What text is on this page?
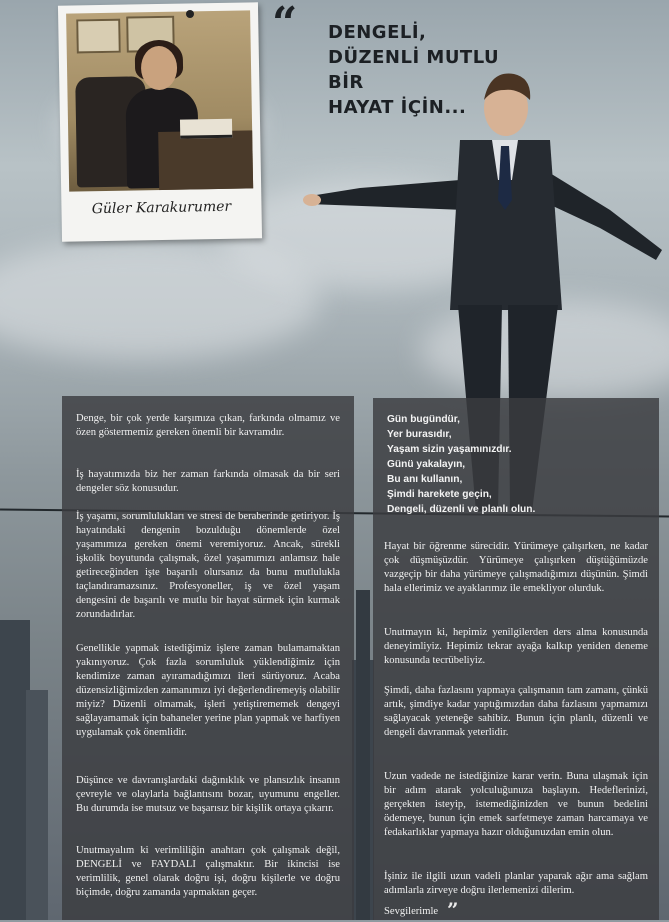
Güler Karakurumer
“ DENGELİ,
DÜZENLİ MUTLU BİR
HAYAT İÇİN...

Denge, bir çok yerde karşımıza çıkan, farkında olmamız ve özen göstermemiz gereken önemli bir kavramdır.

İş hayatımızda biz her zaman farkında olmasak da bir seri dengeler söz konusudur.

İş yaşamı, sorumlulukları ve stresi de beraberinde getiriyor. İş hayatındaki dengenin bozulduğu dönemlerde özel yaşamımıza gereken önemi veremiyoruz. Ancak, sürekli işkolik boyutunda çalışmak, özel yaşamımızı anlamsız hale getireceğinden işte başarılı olursanız da bunu mutlulukla taçlandıramazsınız. Profesyoneller, iş ve özel yaşam dengesini de başarılı ve mutlu bir hayat sürmek için kurmak zorundadırlar.

Genellikle yapmak istediğimiz işlere zaman bulamamaktan yakınıyoruz. Çok fazla sorumluluk yüklendiğimiz için kendimize zaman ayıramadığımızı ileri sürüyoruz. Acaba düzensizliğimizden zamanımızı iyi değerlendiremeyiş olabilir miyiz? Düzenli olmamak, işleri yetiştirememek dengeyi sağlayamamak için bahaneler yerine plan yapmak ve harfiyen uygulamak çok önemlidir.

Düşünce ve davranışlardaki dağınıklık ve plansızlık insanın çevreyle ve olaylarla bağlantısını bozar, uyumunu engeller. Bu durumda ise mutsuz ve başarısız bir kişilik ortaya çıkarır.

Unutmayalım ki verimliliğin anahtarı çok çalışmak değil, DENGELİ ve FAYDALI çalışmaktır. Bir ikincisi ise verimlilik, genel olarak doğru işi, doğru kişilerle ve doğru biçimde, doğru zamanda yapmaktan geçer.

Gün bugündür,
Yer burasıdır,
Yaşam sizin yaşamınızdır.
Günü yakalayın,
Bu anı kullanın,
Şimdi harekete geçin,
Dengeli, düzenli ve planlı olun.

Hayat bir öğrenme sürecidir. Yürümeye çalışırken, ne kadar çok düşmüşüzdür. Yürümeye çalışırken düştüğümüzde vazgeçip bir daha yürümeye çalışmadığımızı düşünün. Şimdi hala ellerimiz ve ayaklarımız ile emekliyor olurduk.

Unutmayın ki, hepimiz yenilgilerden ders alma konusunda deneyimliyiz. Hepimiz tekrar ayağa kalkıp yeniden deneme konusunda tecrübeliyiz.

Şimdi, daha fazlasını yapmaya çalışmanın tam zamanı, çünkü artık, şimdiye kadar yaptığımızdan daha fazlasını yapmamızı sağlayacak yeteneğe sahibiz. Bunun için planlı, düzenli ve dengeli davranmak yeterlidir.

Uzun vadede ne istediğinize karar verin. Buna ulaşmak için bir adım atarak yolculuğunuza başlayın. Hedeflerinizi, gerçekten isteyip, istemediğinizden ve bunun bedelini ödemeye, bunun için emek sarfetmeye zaman harcamaya ve fedakarlıklar yapmaya hazır olduğunuzdan emin olun.

İşiniz ile ilgili uzun vadeli planlar yaparak ağır ama sağlam adımlarla zirveye doğru ilerlemenizi dilerim.

Sevgilerimle ”
